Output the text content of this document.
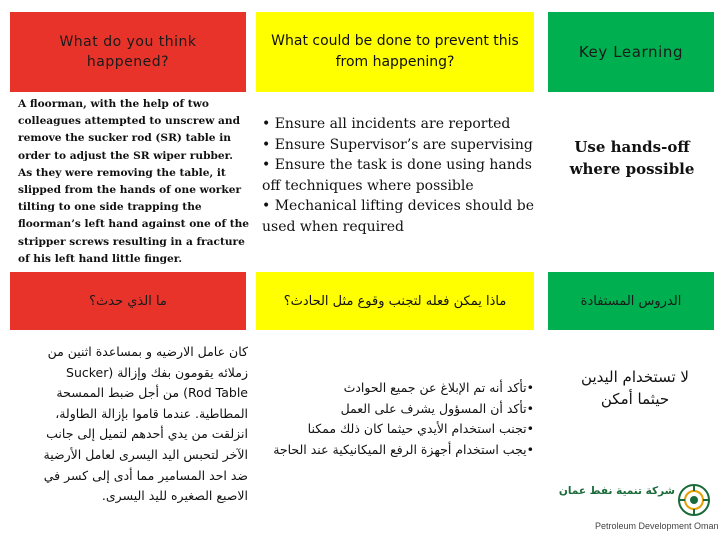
What do you think happened?
What could be done to prevent this from happening?
Key Learning

A floorman, with the help of two

colleagues attempted to unscrew and

remove the sucker rod (SR) table in

order to adjust the SR wiper rubber.

As they were removing the table, it

slipped from the hands of one worker

tilting to one side trapping the

floorman’s left hand against one of the

stripper screws resulting in a fracture

of his left hand little finger.

• Ensure all incidents are reported

• Ensure Supervisor’s are supervising

• Ensure the task is done using hands

off techniques where possible

• Mechanical lifting devices should be

used when required

Use hands-off

where possible

ما الذي حدث؟	ماذا يمكن فعله لتجنب وقوع مثل الحادث؟	الدروس المستفادة

كان عامل الارضيه و بمساعدة اثنين من

زملائه يقومون بفك وإزالة (Sucker

Rod Table) من أجل ضبط الممسحة

المطاطية. عندما قاموا بإزالة الطاولة،

انزلقت من يدي أحدهم لتميل إلى جانب

الآخر لتحبس اليد اليسرى لعامل الأرضية

ضد احد المسامير مما أدى إلى كسر في

الاصبع الصغيره لليد اليسرى.

•تأكد أنه تم الإبلاغ عن جميع الحوادث

•تأكد أن المسؤول يشرف على العمل

•تجنب استخدام الأيدي حيثما كان ذلك ممكنا

•يجب استخدام أجهزة الرفع الميكانيكية عند الحاجة

لا تستخدام اليدين

حيثما أمكن

شركة تنمية نفط عمان
Petroleum Development Oman
